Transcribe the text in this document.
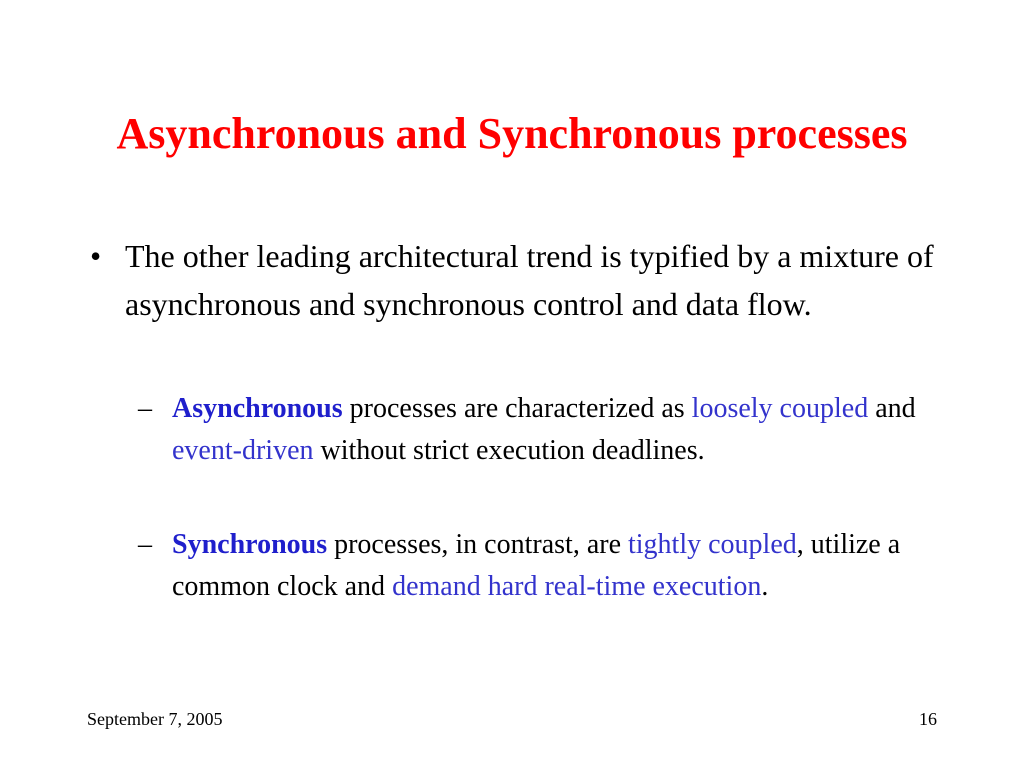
Asynchronous and Synchronous processes
• The other leading architectural trend is typified by a mixture of asynchronous and synchronous control and data flow.
– Asynchronous processes are characterized as loosely coupled and event-driven without strict execution deadlines.
– Synchronous processes, in contrast, are tightly coupled, utilize a common clock and demand hard real-time execution.
September 7, 2005	16
